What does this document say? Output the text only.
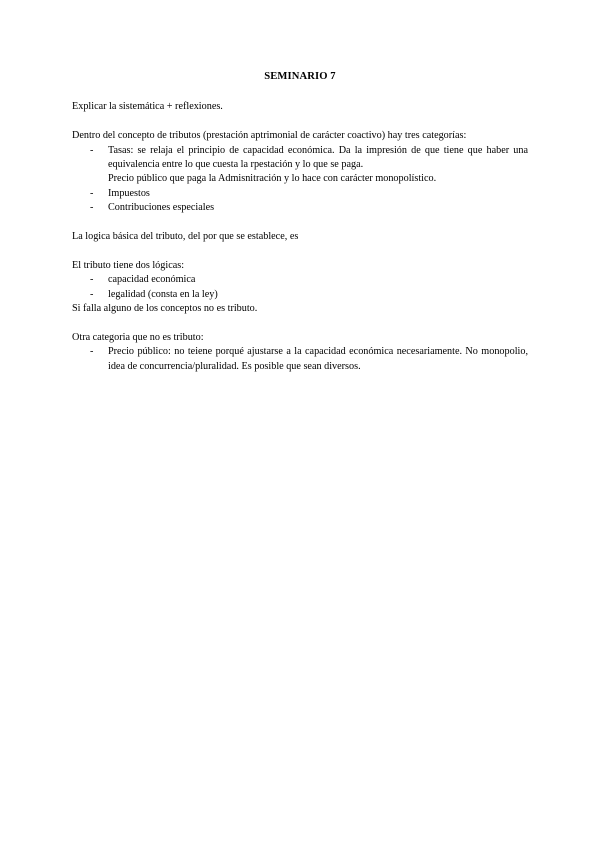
SEMINARIO 7

Explicar la sistemática + reflexiones.

Dentro del concepto de tributos (prestación aptrimonial de carácter coactivo) hay tres categorías:

- Tasas: se relaja el principio de capacidad económica. Da la impresión de que tiene que haber una equivalencia entre lo que cuesta la rpestación y lo que se paga.
Precio público que paga la Admisnitración y lo hace con carácter monopolístico.
- Impuestos
- Contribuciones especiales

La logica básica del tributo, del por que se establece, es

El tributo tiene dos lógicas:

- capacidad económica
- legalidad (consta en la ley)

Si falla alguno de los conceptos no es tributo.

Otra categoria que no es tributo:

- Precio público: no teiene porqué ajustarse a la capacidad económica necesariamente. No monopolio, idea de concurrencia/pluralidad. Es posible que sean diversos.
